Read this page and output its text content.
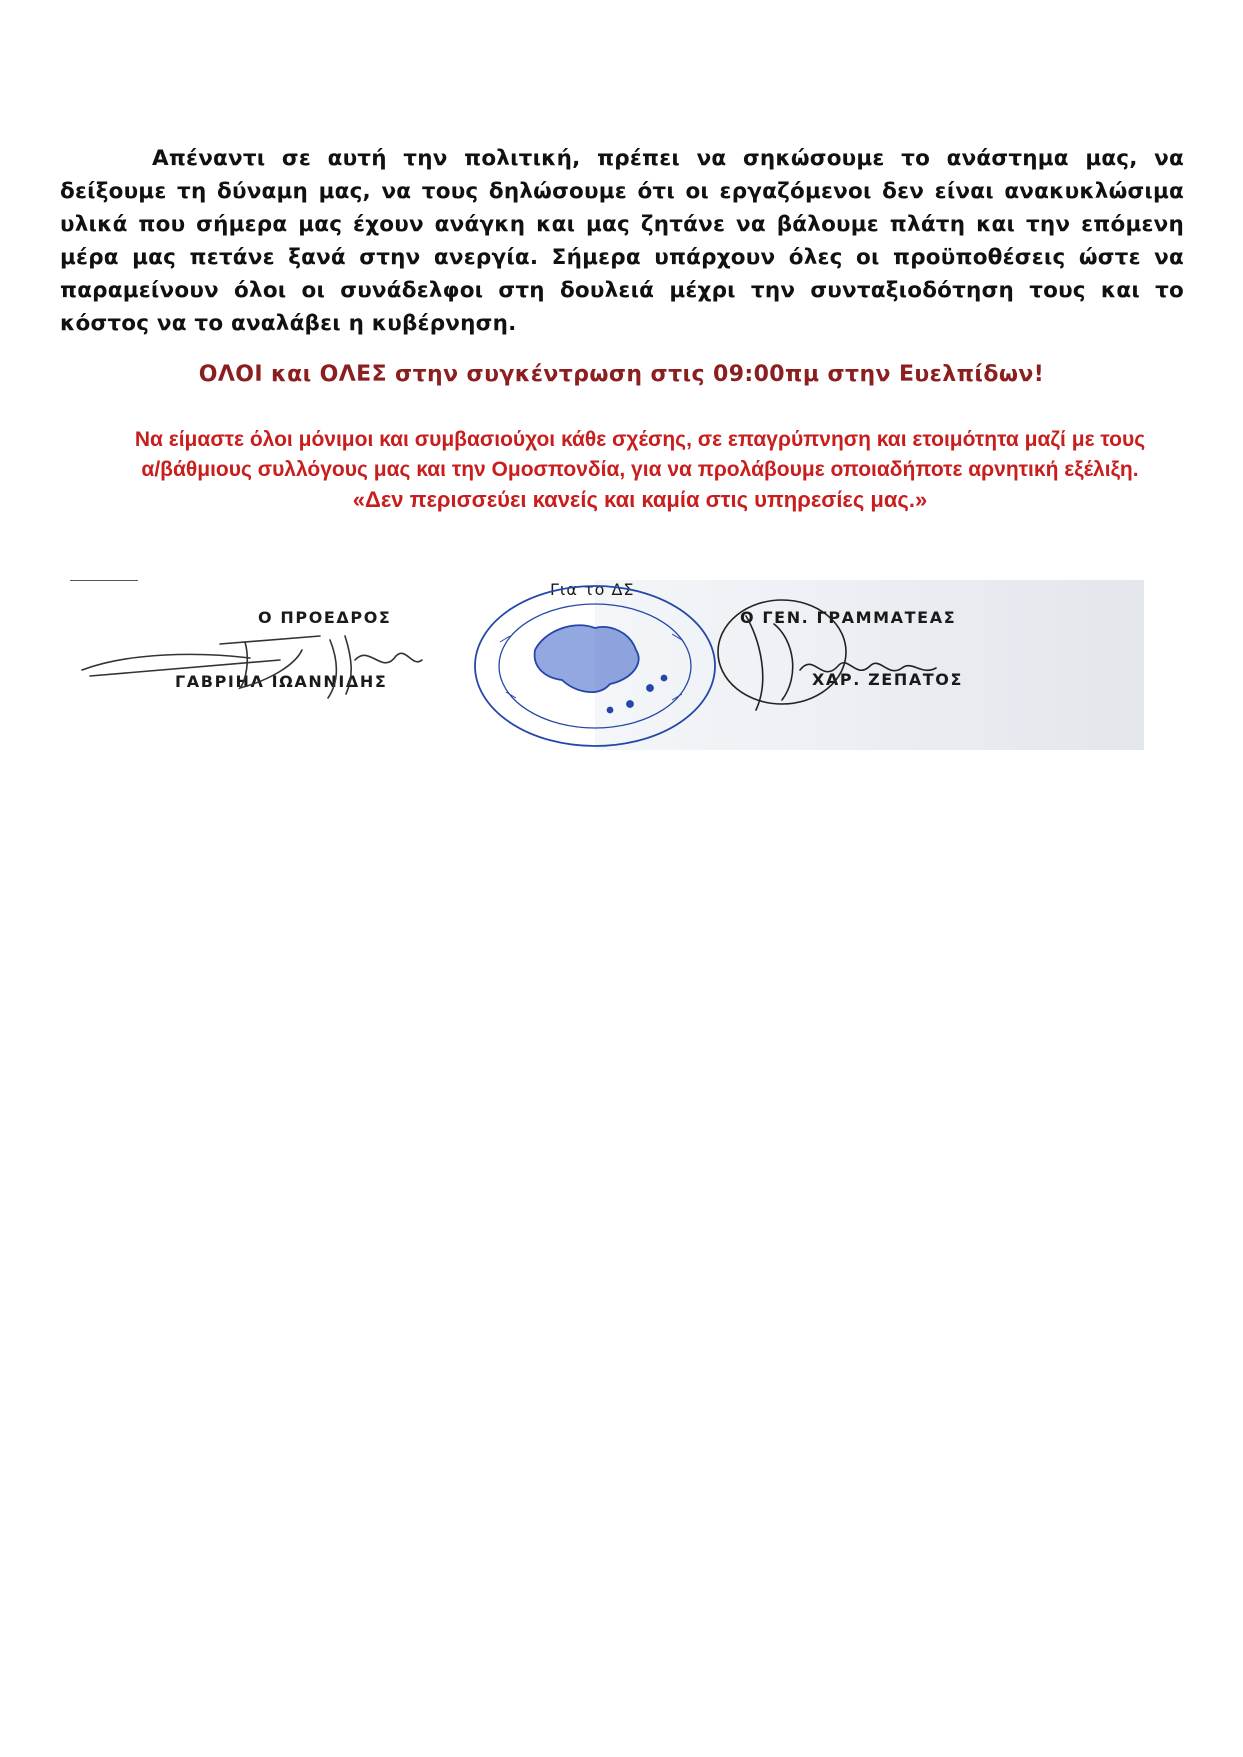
Απέναντι σε αυτή την πολιτική, πρέπει να σηκώσουμε το ανάστημα μας, να δείξουμε τη δύναμη μας, να τους δηλώσουμε ότι οι εργαζόμενοι δεν είναι ανακυκλώσιμα υλικά που σήμερα μας έχουν ανάγκη και μας ζητάνε να βάλουμε πλάτη και την επόμενη μέρα μας πετάνε ξανά στην ανεργία. Σήμερα υπάρχουν όλες οι προϋποθέσεις ώστε να παραμείνουν όλοι οι συνάδελφοι στη δουλειά μέχρι την συνταξιοδότηση τους και το κόστος να το αναλάβει η κυβέρνηση.

ΟΛΟΙ και ΟΛΕΣ στην συγκέντρωση στις 09:00πμ στην Ευελπίδων!

Να είμαστε όλοι μόνιμοι και συμβασιούχοι κάθε σχέσης, σε επαγρύπνηση και ετοιμότητα μαζί με τους
α/βάθμιους συλλόγους μας και την Ομοσπονδία, για να προλάβουμε οποιαδήποτε αρνητική εξέλιξη.
«Δεν περισσεύει κανείς και καμία στις υπηρεσίες μας.»

Για το ΔΣ
Ο ΠΡΟΕΔΡΟΣ
ΓΑΒΡΙΗΛ ΙΩΑΝΝΙΔΗΣ
Ο ΓΕΝ. ΓΡΑΜΜΑΤΕΑΣ
ΧΑΡ. ΖΕΠΑΤΟΣ
